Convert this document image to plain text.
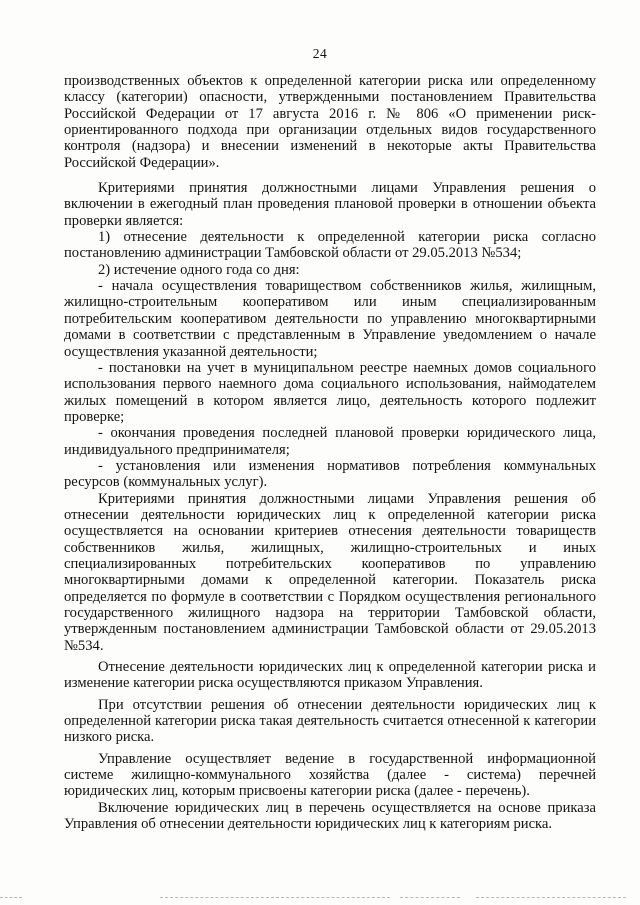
24

производственных объектов к определенной категории риска или определенному классу (категории) опасности, утвержденными постановлением Правительства Российской Федерации от 17 августа 2016 г. № 806 «О применении риск-ориентированного подхода при организации отдельных видов государственного контроля (надзора) и внесении изменений в некоторые акты Правительства Российской Федерации».

Критериями принятия должностными лицами Управления решения о включении в ежегодный план проведения плановой проверки в отношении объекта проверки является:

1) отнесение деятельности к определенной категории риска согласно постановлению администрации Тамбовской области от 29.05.2013 №534;

2) истечение одного года со дня:

- начала осуществления товариществом собственников жилья, жилищным, жилищно-строительным кооперативом или иным специализированным потребительским кооперативом деятельности по управлению многоквартирными домами в соответствии с представленным в Управление уведомлением о начале осуществления указанной деятельности;

- постановки на учет в муниципальном реестре наемных домов социального использования первого наемного дома социального использования, наймодателем жилых помещений в котором является лицо, деятельность которого подлежит проверке;

- окончания проведения последней плановой проверки юридического лица, индивидуального предпринимателя;

- установления или изменения нормативов потребления коммунальных ресурсов (коммунальных услуг).

Критериями принятия должностными лицами Управления решения об отнесении деятельности юридических лиц к определенной категории риска осуществляется на основании критериев отнесения деятельности товариществ собственников жилья, жилищных, жилищно-строительных и иных специализированных потребительских кооперативов по управлению многоквартирными домами к определенной категории. Показатель риска определяется по формуле в соответствии с Порядком осуществления регионального государственного жилищного надзора на территории Тамбовской области, утвержденным постановлением администрации Тамбовской области от 29.05.2013 №534.

Отнесение деятельности юридических лиц к определенной категории риска и изменение категории риска осуществляются приказом Управления.

При отсутствии решения об отнесении деятельности юридических лиц к определенной категории риска такая деятельность считается отнесенной к категории низкого риска.

Управление осуществляет ведение в государственной информационной системе жилищно-коммунального хозяйства (далее - система) перечней юридических лиц, которым присвоены категории риска (далее - перечень).

Включение юридических лиц в перечень осуществляется на основе приказа Управления об отнесении деятельности юридических лиц к категориям риска.
